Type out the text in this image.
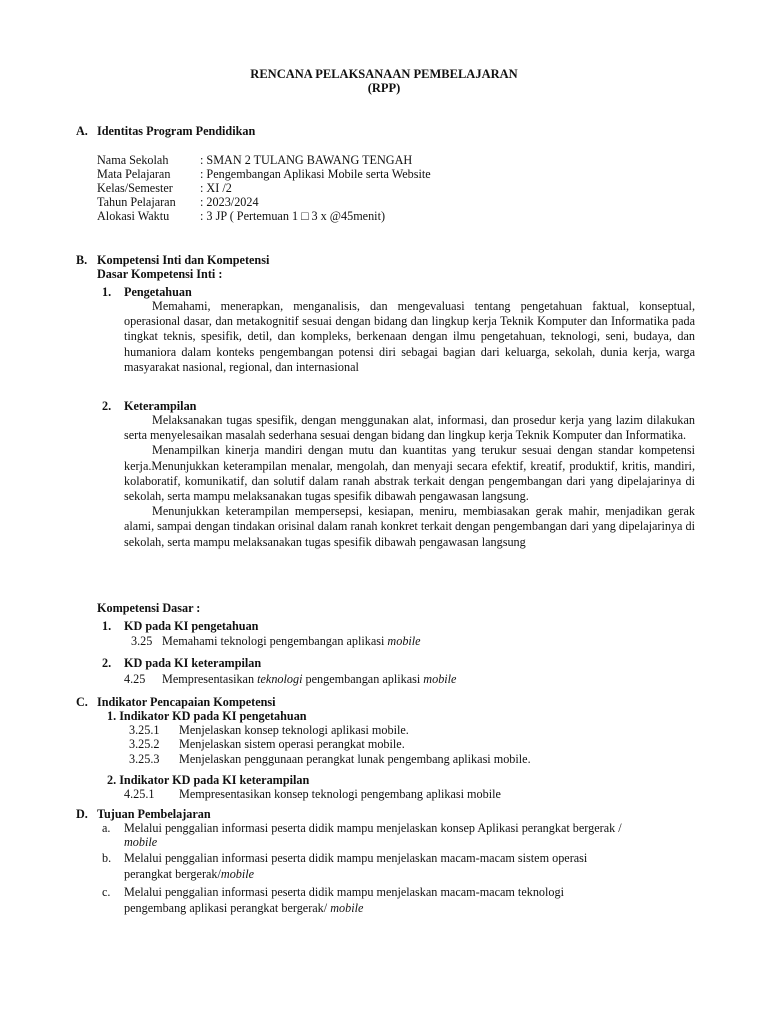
RENCANA PELAKSANAAN PEMBELAJARAN
(RPP)
A. Identitas Program Pendidikan
Nama Sekolah	: SMAN 2 TULANG BAWANG TENGAH
Mata Pelajaran : Pengembangan Aplikasi Mobile serta Website
Kelas/Semester : XI /2
Tahun Pelajaran : 2023/2024
Alokasi Waktu	: 3 JP ( Pertemuan 1 □ 3 x @45menit)
B. Kompetensi Inti dan Kompetensi
Dasar Kompetensi Inti :
1. Pengetahuan

Memahami, menerapkan, menganalisis, dan mengevaluasi tentang pengetahuan faktual, konseptual, operasional dasar, dan metakognitif sesuai dengan bidang dan lingkup kerja Teknik Komputer dan Informatika pada tingkat teknis, spesifik, detil, dan kompleks, berkenaan dengan ilmu pengetahuan, teknologi, seni, budaya, dan humaniora dalam konteks pengembangan potensi diri sebagai bagian dari keluarga, sekolah, dunia kerja, warga masyarakat nasional, regional, dan internasional

2. Keterampilan

Melaksanakan tugas spesifik, dengan menggunakan alat, informasi, dan prosedur kerja yang lazim dilakukan serta menyelesaikan masalah sederhana sesuai dengan bidang dan lingkup kerja Teknik Komputer dan Informatika.

Menampilkan kinerja mandiri dengan mutu dan kuantitas yang terukur sesuai dengan standar kompetensi kerja.Menunjukkan keterampilan menalar, mengolah, dan menyaji secara efektif, kreatif, produktif, kritis, mandiri, kolaboratif, komunikatif, dan solutif dalam ranah abstrak terkait dengan pengembangan dari yang dipelajarinya di sekolah, serta mampu melaksanakan tugas spesifik dibawah pengawasan langsung.

Menunjukkan keterampilan mempersepsi, kesiapan, meniru, membiasakan gerak mahir, menjadikan gerak alami, sampai dengan tindakan orisinal dalam ranah konkret terkait dengan pengembangan dari yang dipelajarinya di sekolah, serta mampu melaksanakan tugas spesifik dibawah pengawasan langsung

Kompetensi Dasar :
1. KD pada KI pengetahuan
3.25 Memahami teknologi pengembangan aplikasi mobile
2. KD pada KI keterampilan
4.25 Mempresentasikan teknologi pengembangan aplikasi mobile
C. Indikator Pencapaian Kompetensi
1. Indikator KD pada KI pengetahuan
3.25.1 Menjelaskan konsep teknologi aplikasi mobile.
3.25.2 Menjelaskan sistem operasi perangkat mobile.
3.25.3 Menjelaskan penggunaan perangkat lunak pengembang aplikasi mobile.
2. Indikator KD pada KI keterampilan
4.25.1 Mempresentasikan konsep teknologi pengembang aplikasi mobile
D. Tujuan Pembelajaran
a. Melalui penggalian informasi peserta didik mampu menjelaskan konsep Aplikasi perangkat bergerak /
mobile
b. Melalui penggalian informasi peserta didik mampu menjelaskan macam-macam sistem operasi
perangkat bergerak/mobile
c. Melalui penggalian informasi peserta didik mampu menjelaskan macam-macam teknologi
pengembang aplikasi perangkat bergerak/ mobile
